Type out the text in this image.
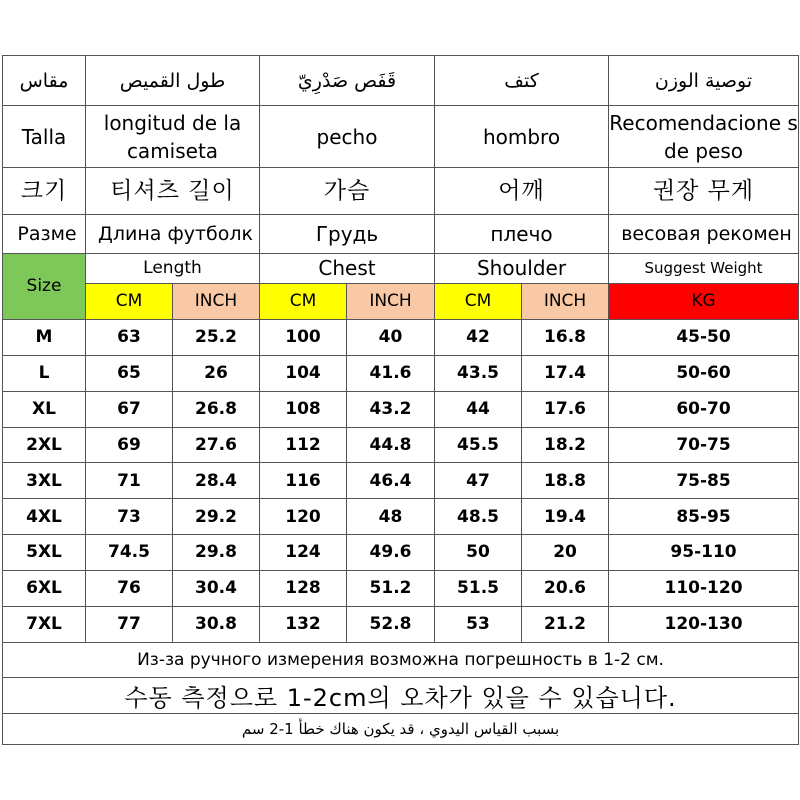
مقاس	طول القميص		قَفَص صَدْرِيّ		كتف		توصية الوزن
Talla	longitud de la camiseta		pecho		hombro		Recomendacione s de peso
크기	티셔츠 길이		가슴		어깨		권장 무게
Разме	Длина футболк		Грудь		плечо		весовая рекомен
Size	Length		Chest		Shoulder		Suggest Weight
	CM	INCH	CM	INCH	CM	INCH	KG
M	63	25.2	100	40	42	16.8	45-50
L	65	26	104	41.6	43.5	17.4	50-60
XL	67	26.8	108	43.2	44	17.6	60-70
2XL	69	27.6	112	44.8	45.5	18.2	70-75
3XL	71	28.4	116	46.4	47	18.8	75-85
4XL	73	29.2	120	48	48.5	19.4	85-95
5XL	74.5	29.8	124	49.6	50	20	95-110
6XL	76	30.4	128	51.2	51.5	20.6	110-120
7XL	77	30.8	132	52.8	53	21.2	120-130
Из-за ручного измерения возможна погрешность в 1-2 см.							
수동 측정으로 1-2cm의 오차가 있을 수 있습니다.							
بسبب القياس اليدوي ، قد يكون هناك خطأ 1-2 سم							
